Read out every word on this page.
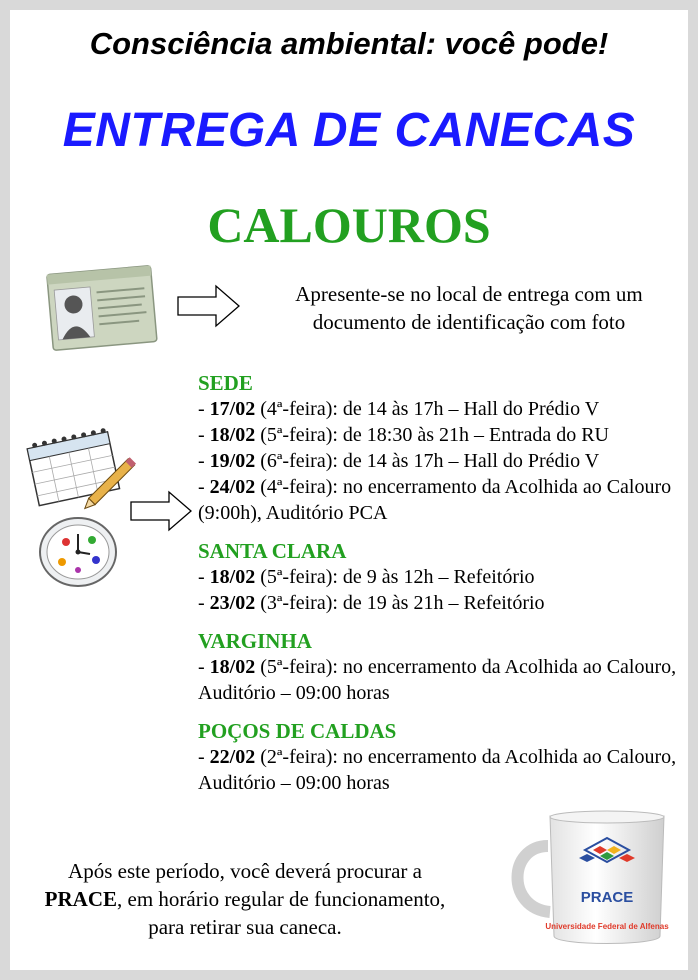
Consciência ambiental: você pode!
ENTREGA DE CANECAS
CALOUROS
Apresente-se no local de entrega com um documento de identificação com foto
SEDE
- 17/02 (4ª-feira): de 14 às 17h – Hall do Prédio V
- 18/02 (5ª-feira): de 18:30 às 21h – Entrada do RU
- 19/02 (6ª-feira): de 14 às 17h – Hall do Prédio V
- 24/02 (4ª-feira): no encerramento da Acolhida ao Calouro (9:00h), Auditório PCA
SANTA CLARA
- 18/02 (5ª-feira): de 9 às 12h – Refeitório
- 23/02 (3ª-feira): de 19 às 21h – Refeitório
VARGINHA
- 18/02 (5ª-feira): no encerramento da Acolhida ao Calouro, Auditório – 09:00 horas
POÇOS DE CALDAS
- 22/02 (2ª-feira): no encerramento da Acolhida ao Calouro, Auditório – 09:00 horas
Após este período, você deverá procurar a PRACE, em horário regular de funcionamento, para retirar sua caneca.
PRACE
Universidade Federal de Alfenas
